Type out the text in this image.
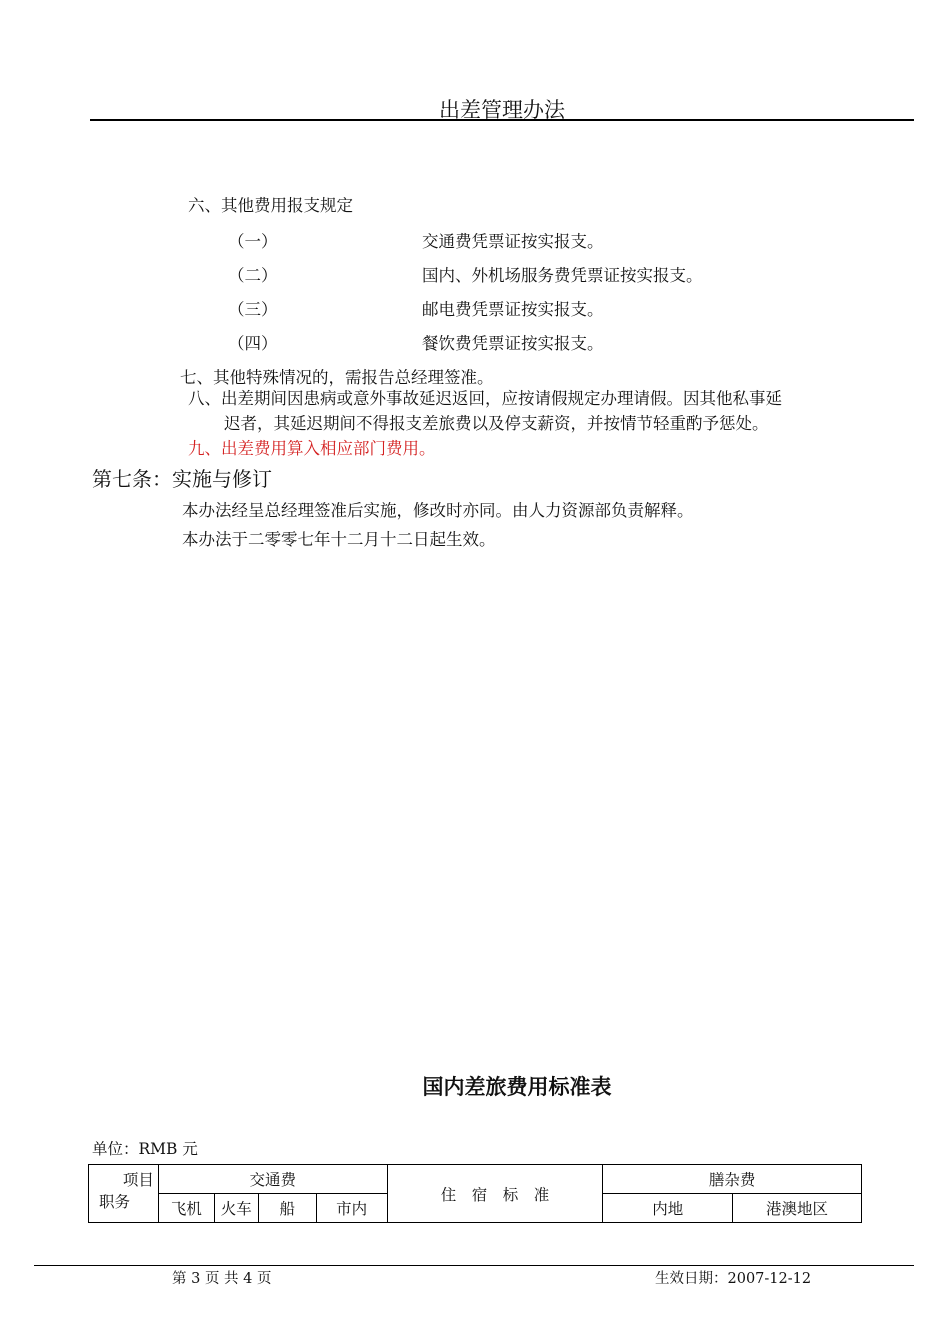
出差管理办法
六、其他费用报支规定
（一）	交通费凭票证按实报支。
（二）	国内、外机场服务费凭票证按实报支。
（三）	邮电费凭票证按实报支。
（四）	餐饮费凭票证按实报支。
七、其他特殊情况的，需报告总经理签准。
八、出差期间因患病或意外事故延迟返回，应按请假规定办理请假。因其他私事延
迟者，其延迟期间不得报支差旅费以及停支薪资，并按情节轻重酌予惩处。
九、出差费用算入相应部门费用。
第七条：实施与修订
本办法经呈总经理签准后实施，修改时亦同。由人力资源部负责解释。
本办法于二零零七年十二月十二日起生效。
国内差旅费用标准表
单位：RMB 元
项目
职务	交通费				住　宿　标　准	膳杂费	
	飞机	火车	船	市内		内地	港澳地区
第 3 页 共 4 页	生效日期：2007-12-12
